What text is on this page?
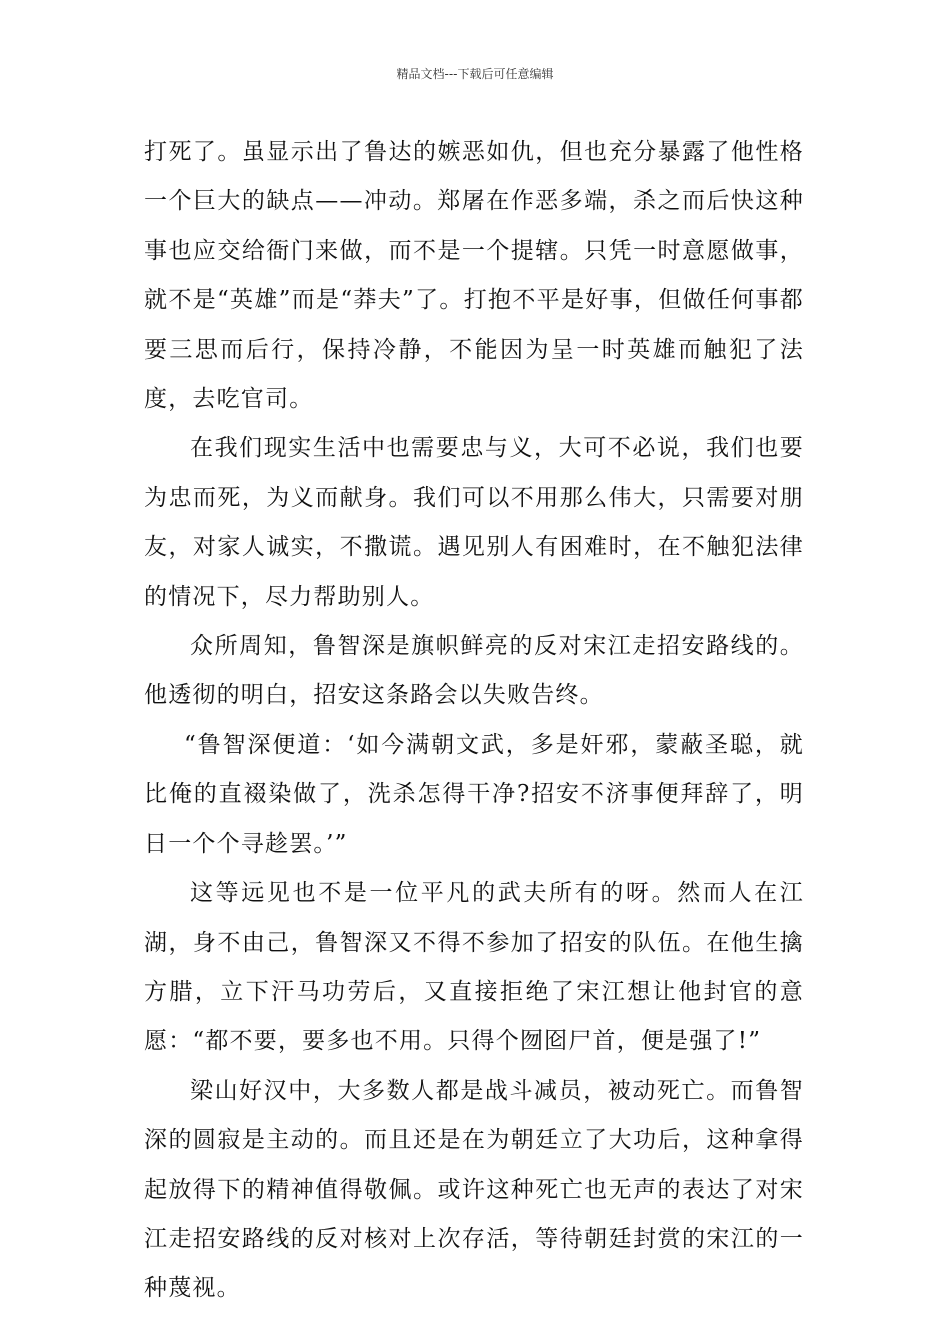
精品文档---下载后可任意编辑

打死了。虽显示出了鲁达的嫉恶如仇，但也充分暴露了他性格一个巨大的缺点——冲动。郑屠在作恶多端，杀之而后快这种事也应交给衙门来做，而不是一个提辖。只凭一时意愿做事，就不是“英雄”而是“莽夫”了。打抱不平是好事，但做任何事都要三思而后行，保持冷静，不能因为呈一时英雄而触犯了法度，去吃官司。

在我们现实生活中也需要忠与义，大可不必说，我们也要为忠而死，为义而献身。我们可以不用那么伟大，只需要对朋友，对家人诚实，不撒谎。遇见别人有困难时，在不触犯法律的情况下，尽力帮助别人。

众所周知，鲁智深是旗帜鲜亮的反对宋江走招安路线的。他透彻的明白，招安这条路会以失败告终。

“鲁智深便道：‘如今满朝文武，多是奸邪，蒙蔽圣聪，就比俺的直裰染做了，洗杀怎得干净?招安不济事便拜辞了，明日一个个寻趁罢。’”

这等远见也不是一位平凡的武夫所有的呀。然而人在江湖，身不由己，鲁智深又不得不参加了招安的队伍。在他生擒方腊，立下汗马功劳后，又直接拒绝了宋江想让他封官的意愿：“都不要，要多也不用。只得个囫囵尸首，便是强了!”

梁山好汉中，大多数人都是战斗减员，被动死亡。而鲁智深的圆寂是主动的。而且还是在为朝廷立了大功后，这种拿得起放得下的精神值得敬佩。或许这种死亡也无声的表达了对宋江走招安路线的反对核对上次存活，等待朝廷封赏的宋江的一种蔑视。
